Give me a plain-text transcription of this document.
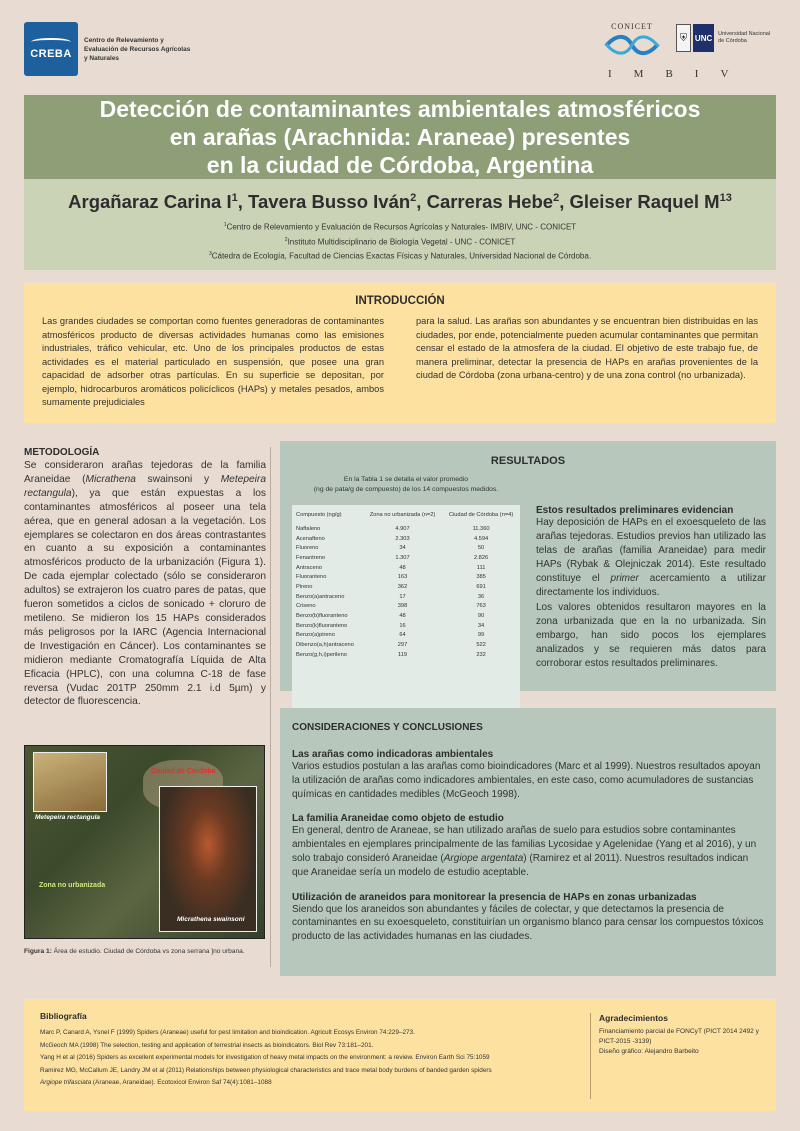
CREBA
Centro de Relevamiento y Evaluación de Recursos Agrícolas y Naturales
CONICET
⛨ UNC	Universidad Nacional de Córdoba
IMBIV
Detección de contaminantes ambientales atmosféricos
en arañas (Arachnida: Araneae) presentes
en la ciudad de Córdoba, Argentina
Argañaraz Carina $I^1$, Tavera Busso Iván$^2$, Carreras Hebe$^2$, Gleiser Raquel $M^{13}$
$^1$Centro de Relevamiento y Evaluación de Recursos Agrícolas y Naturales- IMBIV, UNC - CONICET
$^2$Instituto Multidisciplinario de Biología Vegetal - UNC - CONICET
$^3$Cátedra de Ecología, Facultad de Ciencias Exactas Físicas y Naturales, Universidad Nacional de Córdoba.
INTRODUCCIÓN
Las grandes ciudades se comportan como fuentes generadoras de contaminantes atmosféricos producto de diversas actividades humanas como las emisiones industriales, tráfico vehicular, etc. Uno de los principales productos de estas actividades es el material particulado en suspensión, que posee una gran capacidad de adsorber otras partículas. En su superficie se depositan, por ejemplo, hidrocarburos aromáticos policíclicos (HAPs) y metales pesados, ambos sumamente prejudiciales
para la salud. Las arañas son abundantes y se encuentran bien distribuidas en las ciudades, por ende, potencialmente pueden acumular contaminantes que permitan censar el estado de la atmosfera de la ciudad. El objetivo de este trabajo fue, de manera preliminar, detectar la presencia de HAPs en arañas provenientes de la ciudad de Córdoba (zona urbana-centro) y de una zona control (no urbanizada).
METODOLOGÍA
Se consideraron arañas tejedoras de la familia Araneidae (Micrathena swainsoni y Metepeira rectangula), ya que están expuestas a los contaminantes atmosféricos al poseer una tela aérea, que en general adosan a la vegetación. Los ejemplares se colectaron en dos áreas contrastantes en cuanto a su exposición a contaminantes atmosféricos producto de la urbanización (Figura 1). De cada ejemplar colectado (sólo se consideraron adultos) se extrajeron los cuatro pares de patas, que fueron sometidos a ciclos de sonicado + cloruro de metileno. Se midieron los 15 HAPs considerados más peligrosos por la IARC (Agencia Internacional de Investigación en Cáncer). Los contaminantes se midieron mediante Cromatografía Líquida de Alta Eficacia (HPLC), con una columna C-18 de fase reversa (Vudac 201TP 250mm 2.1 i.d 5µm) y detector de fluorescencia.
Metepeira rectangula
Ciudad de Córdoba
Zona no urbanizada
Micrathena swainsoni
Figura 1: Área de estudio. Ciudad de Córdoba vs zona serrana ]no urbana.
RESULTADOS
En la Tabla 1 se detalla el valor promedio
(ng de pata/g de compuesto) de los 14 compuestos medidos.
Compuesto (ng/g)	Zona no urbanizada (n=2)	Ciudad de Córdoba (n=4)
Naftaleno	4.907	11.360
Acenafteno	2.303	4.594
Fluoreno	34	50
Fenantreno	1.307	2.826
Antraceno	48	111
Fluoranteno	163	385
Pireno	362	691
Benzo(a)antraceno	17	36
Criseno	398	763
Benzo(b)fluoranteno	48	90
Benzo(k)fluoranteno	16	34
Benzo(a)pireno	64	99
Dibenzo(a,h)antraceno	297	522
Benzo(g,h,i)perileno	119	232
Estos resultados preliminares evidencian

Hay deposición de HAPs en el exoesqueleto de las arañas tejedoras. Estudios previos han utilizado las telas de arañas (familia Araneidae) para medir HAPs (Rybak & Olejniczak 2014). Este resultado constituye el primer acercamiento a utilizar directamente los individuos.

Los valores obtenidos resultaron mayores en la zona urbanizada que en la no urbanizada. Sin embargo, han sido pocos los ejemplares analizados y se requieren más datos para corroborar estos resultados preliminares.

CONSIDERACIONES Y CONCLUSIONES
Las arañas como indicadoras ambientales
Varios estudios postulan a las arañas como bioindicadores (Marc et al 1999). Nuestros resultados apoyan la utilización de arañas como indicadores ambientales, en este caso, como acumuladores de sustancias químicas en cantidades medibles (McGeoch 1998).
La familia Araneidae como objeto de estudio
En general, dentro de Araneae, se han utilizado arañas de suelo para estudios sobre contaminantes ambientales en ejemplares principalmente de las familias Lycosidae y Agelenidae (Yang et al 2016), y un solo trabajo consideró Araneidae (Argiope argentata) (Ramirez et al 2011). Nuestros resultados indican que Araneidae sería un modelo de estudio aceptable.
Utilización de araneidos para monitorear la presencia de HAPs en zonas urbanizadas
Siendo que los araneidos son abundantes y fáciles de colectar, y que detectamos la presencia de contaminantes en su exoesqueleto, constituirían un organismo blanco para censar los compuestos tóxicos producto de las actividades humanas en las ciudades.
Bibliografía
Marc P, Canard A, Ysnel F (1999) Spiders (Araneae) useful for pest limitation and bioindication. Agricult Ecosys Environ 74:229–273.
McGeoch MA (1998) The selection, testing and application of terrestrial insects as bioindicators. Biol Rev 73:181–201.
Yang H et al (2016) Spiders as excellent experimental models for investigation of heavy metal impacts on the environment: a review. Environ Earth Sci 75:1059
Ramirez MG, McCallum JE, Landry JM et al (2011) Relationships between physiological characteristics and trace metal body burdens of banded garden spiders
Argiope trifasciata (Araneae, Araneidae). Ecotoxicol Environ Saf 74(4):1081–1088
Agradecimientos
Financiamiento parcial de FONCyT (PICT 2014 2492 y PICT-2015 -3139)
Diseño gráfico: Alejandro Barbeito
